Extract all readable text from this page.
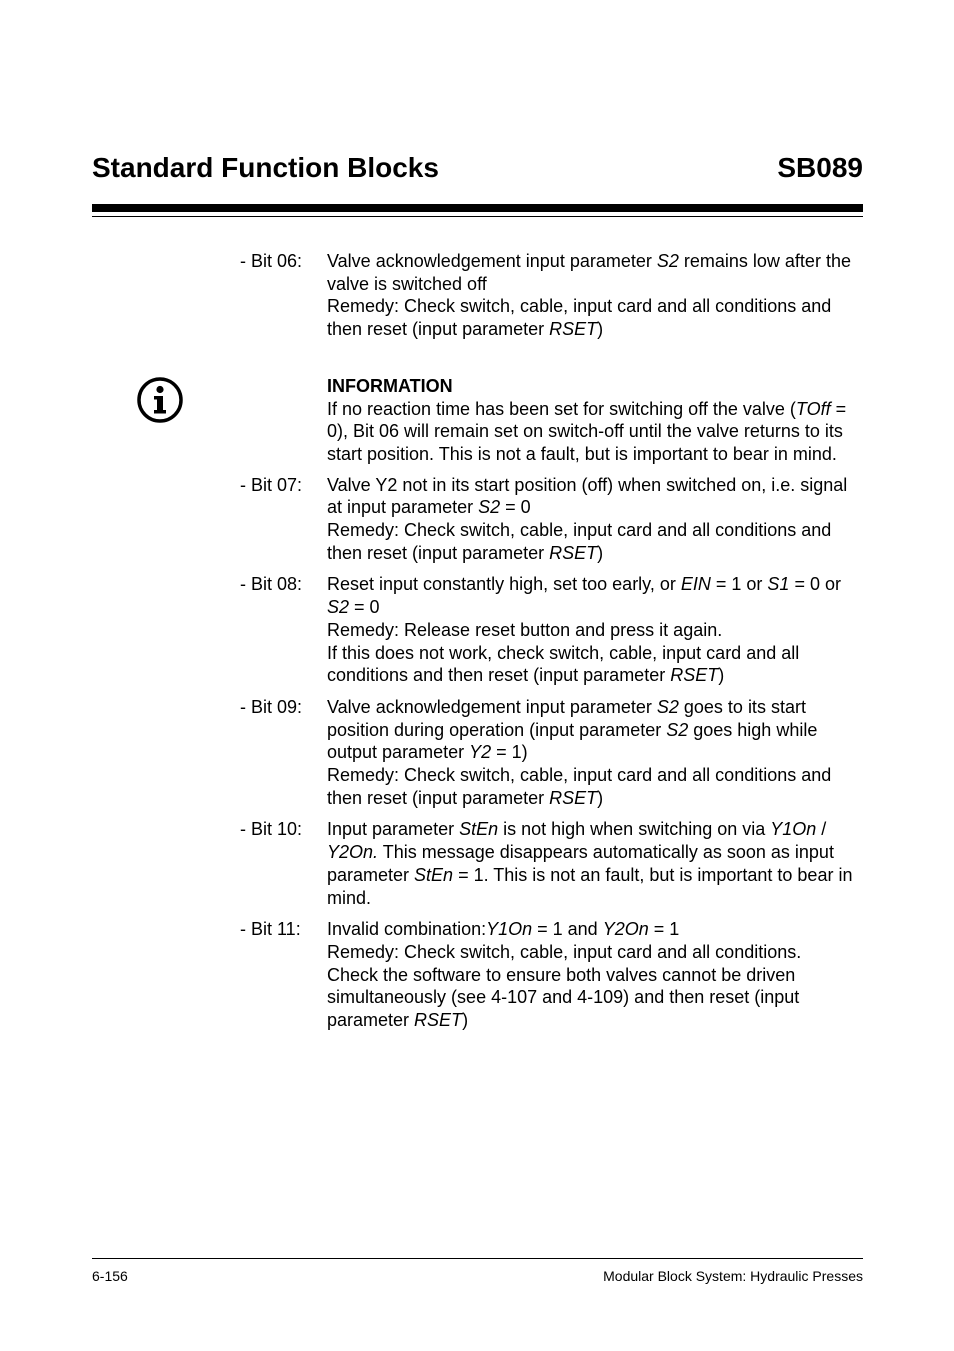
Standard Function Blocks	SB089
- Bit 06:	Valve acknowledgement input parameter S2 remains low after the valve is switched off

Remedy: Check switch, cable, input card and all conditions and then reset (input parameter RSET)

INFORMATION

If no reaction time has been set for switching off the valve (TOff = 0), Bit 06 will remain set on switch-off until the valve returns to its start position. This is not a fault, but is important to bear in mind.

- Bit 07:	Valve Y2 not in its start position (off) when switched on, i.e. signal at input parameter S2 = 0

Remedy: Check switch, cable, input card and all conditions and then reset (input parameter RSET)

- Bit 08:	Reset input constantly high, set too early, or EIN = 1 or S1 = 0 or S2 = 0

Remedy: Release reset button and press it again.

If this does not work, check switch, cable, input card and all conditions and then reset (input parameter RSET)

- Bit 09:	Valve acknowledgement input parameter S2 goes to its start position during operation (input parameter S2 goes high while output parameter Y2 = 1)

Remedy: Check switch, cable, input card and all conditions and then reset (input parameter RSET)

- Bit 10:	Input parameter StEn is not high when switching on via Y1On / Y2On. This message disappears automatically as soon as input parameter StEn = 1. This is not an fault, but is important to bear in mind.

- Bit 11:	Invalid combination:Y1On = 1 and Y2On = 1

Remedy: Check switch, cable, input card and all conditions.

Check the software to ensure both valves cannot be driven simultaneously (see 4-107 and 4-109) and then reset (input parameter RSET)

6-156	Modular Block System: Hydraulic Presses
